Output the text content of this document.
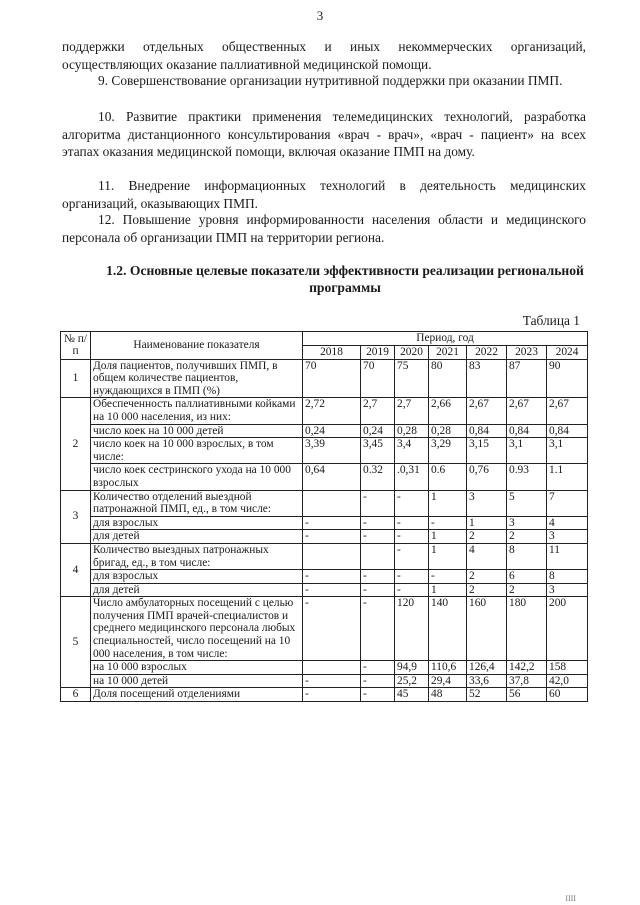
3

поддержки отдельных общественных и иных некоммерческих организаций, осуществляющих оказание паллиативной медицинской помощи.

9. Совершенствование организации нутритивной поддержки при оказании ПМП.

10. Развитие практики применения телемедицинских технологий, разработка алгоритма дистанционного консультирования «врач - врач», «врач - пациент» на всех этапах оказания медицинской помощи, включая оказание ПМП на дому.

11. Внедрение информационных технологий в деятельность медицинских организаций, оказывающих ПМП.

12. Повышение уровня информированности населения области и медицинского персонала об организации ПМП на территории региона.

1.2. Основные целевые показатели эффективности реализации региональной программы
Таблица 1
№ п/п	Наименование показателя	Период, год						
		2018	2019	2020	2021	2022	2023	2024
1	Доля пациентов, получивших ПМП, в общем количестве пациентов, нуждающихся в ПМП (%)	70	70	75	80	83	87	90
2	Обеспеченность паллиативными койками на 10 000 населения, из них:	2,72	2,7	2,7	2,66	2,67	2,67	2,67
	число коек на 10 000 детей	0,24	0,24	0,28	0,28	0,84	0,84	0,84
	число коек на 10 000 взрослых, в том числе:	3,39	3,45	3,4	3,29	3,15	3,1	3,1
	число коек сестринского ухода на 10 000 взрослых	0,64	0.32	.0,31	0.6	0,76	0.93	1.1
3	Количество отделений выездной патронажной ПМП, ед., в том числе:		-	-	1	3	5	7
	для взрослых	-	-	-	-	1	3	4
	для детей	-	-	-	1	2	2	3
4	Количество выездных патронажных бригад, ед., в том числе:			-	1	4	8	11
	для взрослых	-	-	-	-	2	6	8
	для детей	-	-	-	1	2	2	3
5	Число амбулаторных посещений с целью получения ПМП врачей-специалистов и среднего медицинского персонала любых специальностей, число посещений на 10 000 населения, в том числе:	-	-	120	140	160	180	200
	на 10 000 взрослых		-	94,9	110,6	126,4	142,2	158
	на 10 000 детей	-	-	25,2	29,4	33,6	37,8	42,0
6	Доля посещений отделениями	-	-	45	48	52	56	60
IIII
